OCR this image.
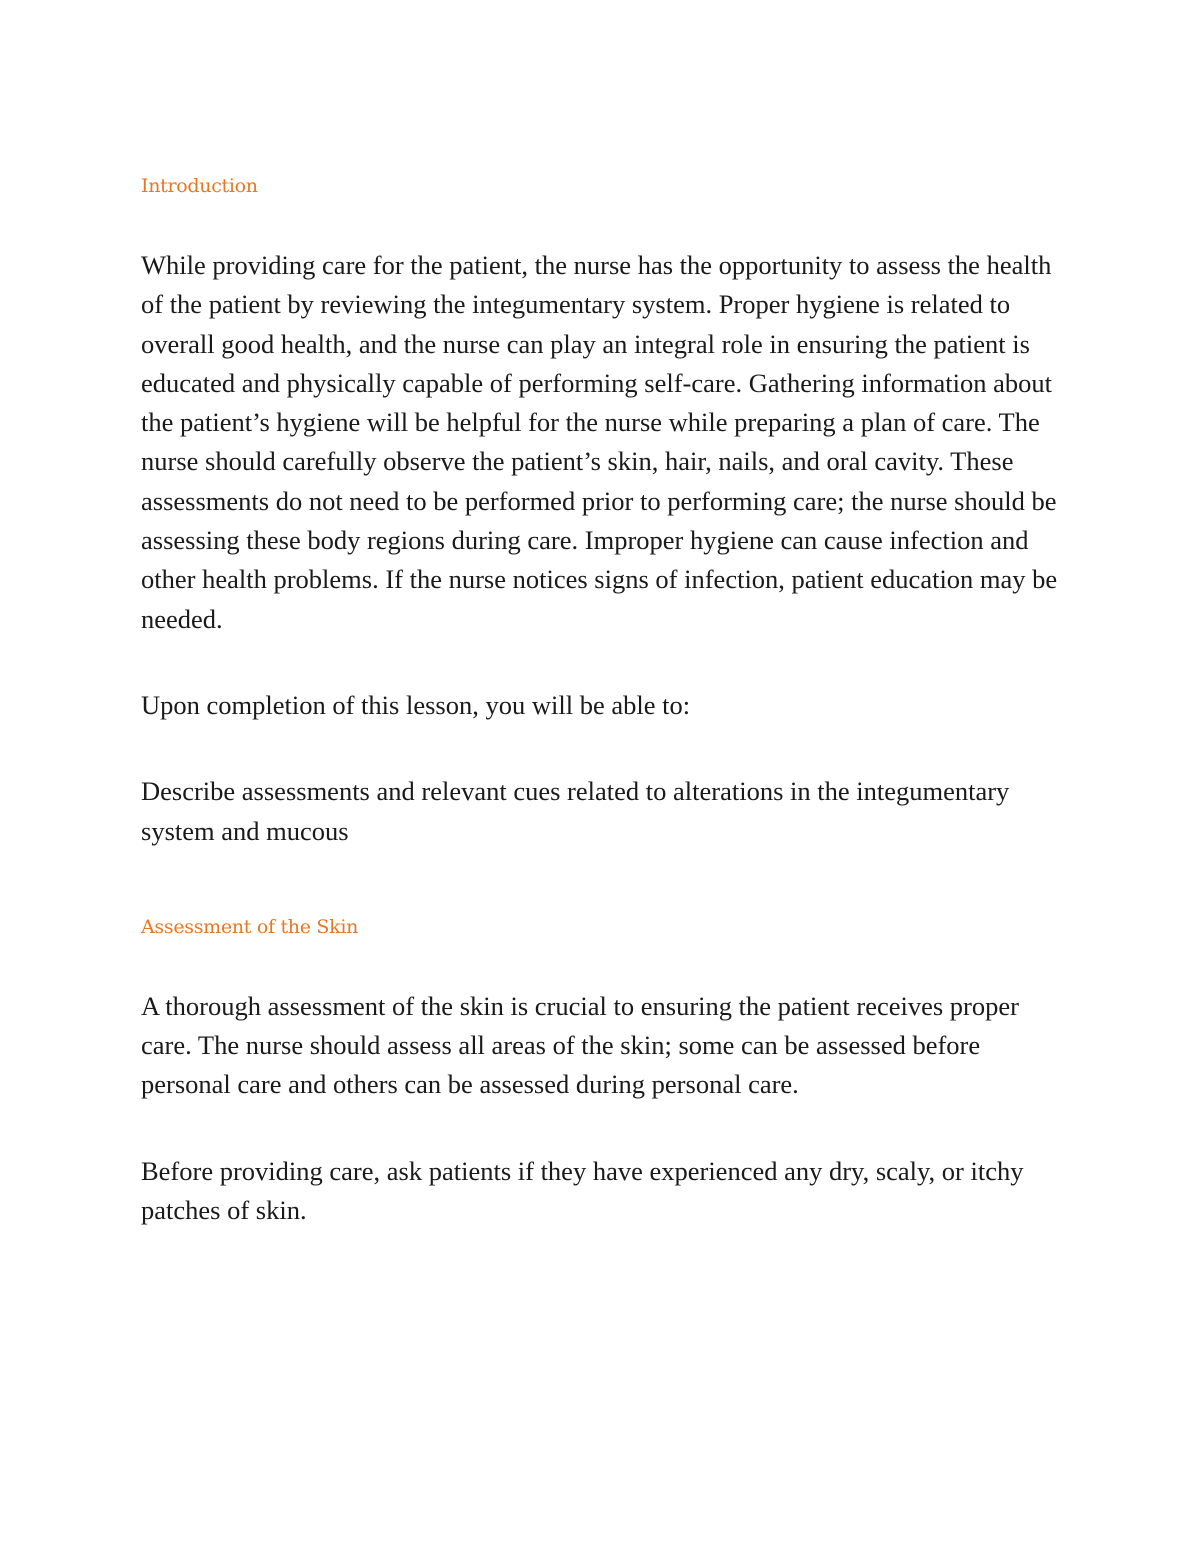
Introduction

While providing care for the patient, the nurse has the opportunity to assess the health of the patient by reviewing the integumentary system. Proper hygiene is related to overall good health, and the nurse can play an integral role in ensuring the patient is educated and physically capable of performing self-care. Gathering information about the patient’s hygiene will be helpful for the nurse while preparing a plan of care. The nurse should carefully observe the patient’s skin, hair, nails, and oral cavity. These assessments do not need to be performed prior to performing care; the nurse should be assessing these body regions during care. Improper hygiene can cause infection and other health problems. If the nurse notices signs of infection, patient education may be needed.

Upon completion of this lesson, you will be able to:

Describe assessments and relevant cues related to alterations in the integumentary system and mucous

Assessment of the Skin

A thorough assessment of the skin is crucial to ensuring the patient receives proper care. The nurse should assess all areas of the skin; some can be assessed before personal care and others can be assessed during personal care.

Before providing care, ask patients if they have experienced any dry, scaly, or itchy patches of skin.
